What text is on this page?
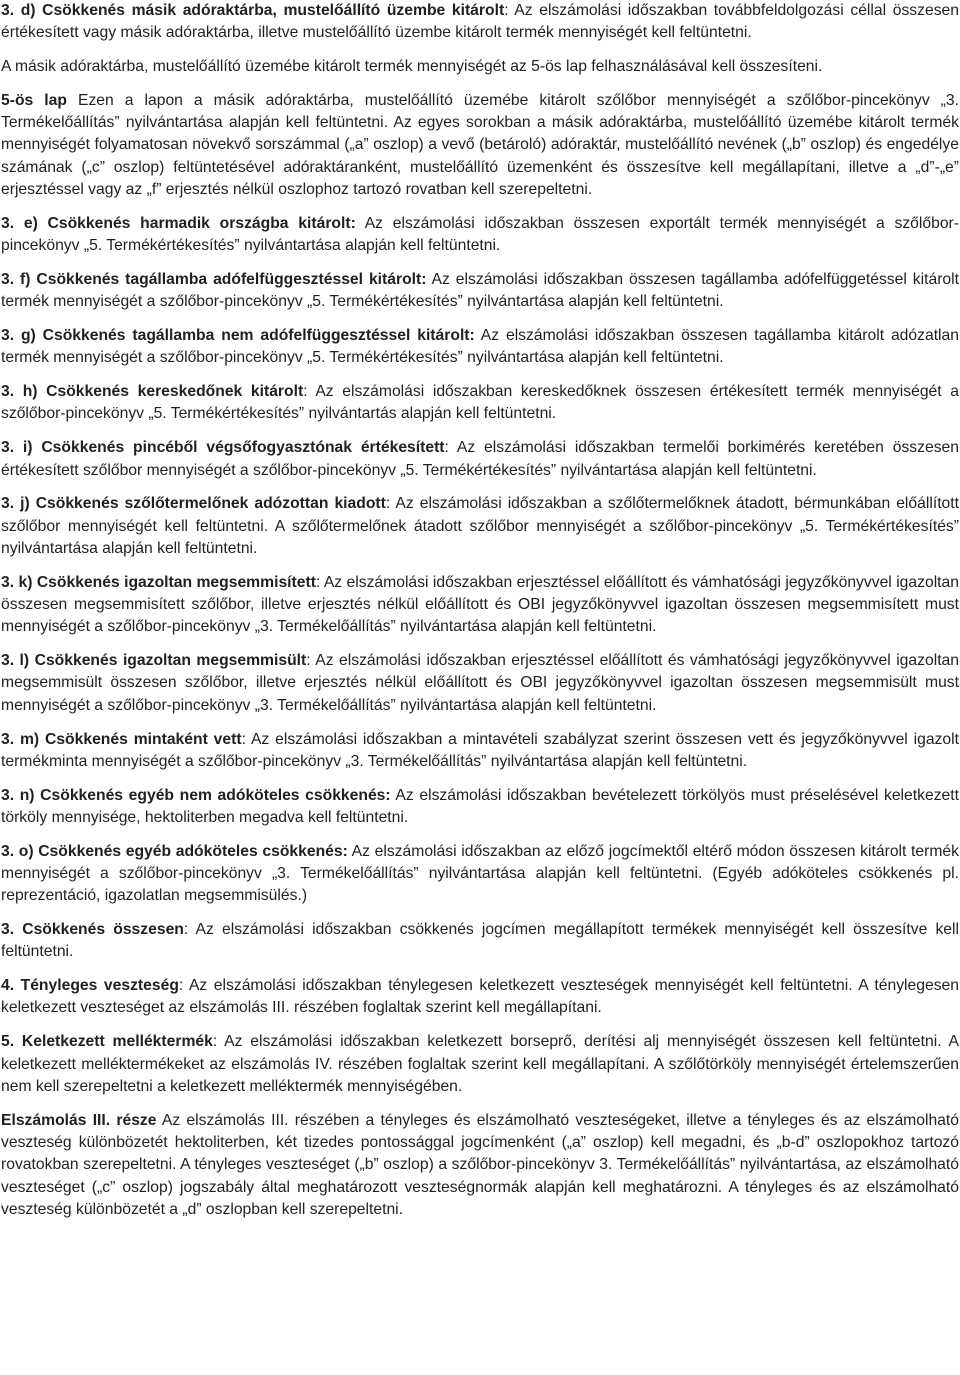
3. d) Csökkenés másik adóraktárba, mustelőállító üzembe kitárolt: Az elszámolási időszakban továbbfeldolgozási céllal összesen értékesített vagy másik adóraktárba, illetve mustelőállító üzembe kitárolt termék mennyiségét kell feltüntetni.

A másik adóraktárba, mustelőállító üzemébe kitárolt termék mennyiségét az 5-ös lap felhasználásával kell összesíteni.

5-ös lap Ezen a lapon a másik adóraktárba, mustelőállító üzemébe kitárolt szőlőbor mennyiségét a szőlőbor-pincekönyv „3. Termékelőállítás” nyilvántartása alapján kell feltüntetni. Az egyes sorokban a másik adóraktárba, mustelőállító üzemébe kitárolt termék mennyiségét folyamatosan növekvő sorszámmal („a” oszlop) a vevő (betároló) adóraktár, mustelőállító nevének („b” oszlop) és engedélye számának („c” oszlop) feltüntetésével adóraktáranként, mustelőállító üzemenként és összesítve kell megállapítani, illetve a „d”-„e” erjesztéssel vagy az „f” erjesztés nélkül oszlophoz tartozó rovatban kell szerepeltetni.

3. e) Csökkenés harmadik országba kitárolt: Az elszámolási időszakban összesen exportált termék mennyiségét a szőlőbor-pincekönyv „5. Termékértékesítés” nyilvántartása alapján kell feltüntetni.

3. f) Csökkenés tagállamba adófelfüggesztéssel kitárolt: Az elszámolási időszakban összesen tagállamba adófelfüggetéssel kitárolt termék mennyiségét a szőlőbor-pincekönyv „5. Termékértékesítés” nyilvántartása alapján kell feltüntetni.

3. g) Csökkenés tagállamba nem adófelfüggesztéssel kitárolt: Az elszámolási időszakban összesen tagállamba kitárolt adózatlan termék mennyiségét a szőlőbor-pincekönyv „5. Termékértékesítés” nyilvántartása alapján kell feltüntetni.

3. h) Csökkenés kereskedőnek kitárolt: Az elszámolási időszakban kereskedőknek összesen értékesített termék mennyiségét a szőlőbor-pincekönyv „5. Termékértékesítés” nyilvántartás alapján kell feltüntetni.

3. i) Csökkenés pincéből végsőfogyasztónak értékesített: Az elszámolási időszakban termelői borkimérés keretében összesen értékesített szőlőbor mennyiségét a szőlőbor-pincekönyv „5. Termékértékesítés” nyilvántartása alapján kell feltüntetni.

3. j) Csökkenés szőlőtermelőnek adózottan kiadott: Az elszámolási időszakban a szőlőtermelőknek átadott, bérmunkában előállított szőlőbor mennyiségét kell feltüntetni. A szőlőtermelőnek átadott szőlőbor mennyiségét a szőlőbor-pincekönyv „5. Termékértékesítés” nyilvántartása alapján kell feltüntetni.

3. k) Csökkenés igazoltan megsemmisített: Az elszámolási időszakban erjesztéssel előállított és vámhatósági jegyzőkönyvvel igazoltan összesen megsemmisített szőlőbor, illetve erjesztés nélkül előállított és OBI jegyzőkönyvvel igazoltan összesen megsemmisített must mennyiségét a szőlőbor-pincekönyv „3. Termékelőállítás” nyilvántartása alapján kell feltüntetni.

3. l) Csökkenés igazoltan megsemmisült: Az elszámolási időszakban erjesztéssel előállított és vámhatósági jegyzőkönyvvel igazoltan megsemmisült összesen szőlőbor, illetve erjesztés nélkül előállított és OBI jegyzőkönyvvel igazoltan összesen megsemmisült must mennyiségét a szőlőbor-pincekönyv „3. Termékelőállítás” nyilvántartása alapján kell feltüntetni.

3. m) Csökkenés mintaként vett: Az elszámolási időszakban a mintavételi szabályzat szerint összesen vett és jegyzőkönyvvel igazolt termékminta mennyiségét a szőlőbor-pincekönyv „3. Termékelőállítás” nyilvántartása alapján kell feltüntetni.

3. n) Csökkenés egyéb nem adóköteles csökkenés: Az elszámolási időszakban bevételezett törkölyös must préselésével keletkezett törköly mennyisége, hektoliterben megadva kell feltüntetni.

3. o) Csökkenés egyéb adóköteles csökkenés: Az elszámolási időszakban az előző jogcímektől eltérő módon összesen kitárolt termék mennyiségét a szőlőbor-pincekönyv „3. Termékelőállítás” nyilvántartása alapján kell feltüntetni. (Egyéb adóköteles csökkenés pl. reprezentáció, igazolatlan megsemmisülés.)

3. Csökkenés összesen: Az elszámolási időszakban csökkenés jogcímen megállapított termékek mennyiségét kell összesítve kell feltüntetni.

4. Tényleges veszteség: Az elszámolási időszakban ténylegesen keletkezett veszteségek mennyiségét kell feltüntetni. A ténylegesen keletkezett veszteséget az elszámolás III. részében foglaltak szerint kell megállapítani.

5. Keletkezett melléktermék: Az elszámolási időszakban keletkezett borseprő, derítési alj mennyiségét összesen kell feltüntetni. A keletkezett melléktermékeket az elszámolás IV. részében foglaltak szerint kell megállapítani. A szőlőtörköly mennyiségét értelemszerűen nem kell szerepeltetni a keletkezett melléktermék mennyiségében.

Elszámolás III. része Az elszámolás III. részében a tényleges és elszámolható veszteségeket, illetve a tényleges és az elszámolható veszteség különbözetét hektoliterben, két tizedes pontossággal jogcímenként („a” oszlop) kell megadni, és „b-d” oszlopokhoz tartozó rovatokban szerepeltetni. A tényleges veszteséget („b” oszlop) a szőlőbor-pincekönyv 3. Termékelőállítás” nyilvántartása, az elszámolható veszteséget („c” oszlop) jogszabály által meghatározott veszteségnormák alapján kell meghatározni. A tényleges és az elszámolható veszteség különbözetét a „d” oszlopban kell szerepeltetni.
